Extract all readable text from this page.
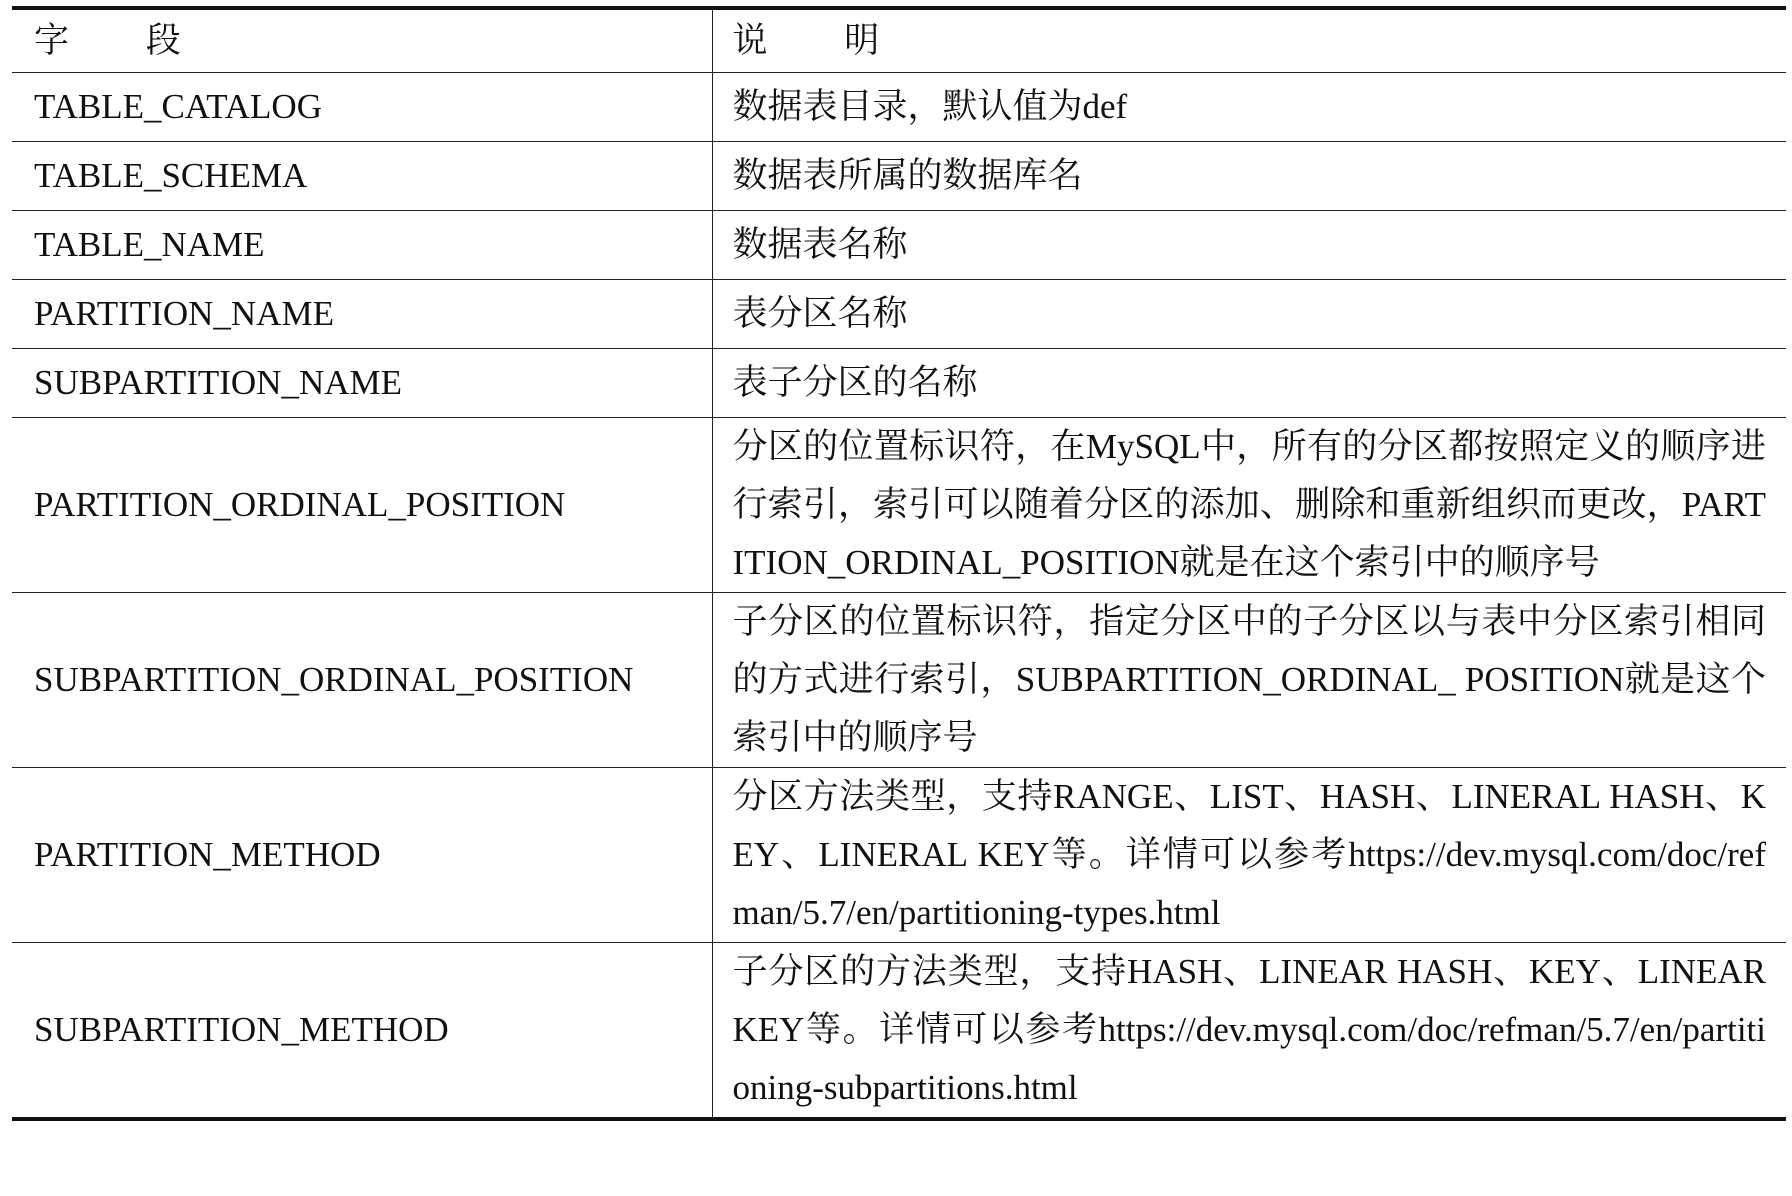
字 段	说 明
TABLE_CATALOG	数据表目录，默认值为def
TABLE_SCHEMA	数据表所属的数据库名
TABLE_NAME	数据表名称
PARTITION_NAME	表分区名称
SUBPARTITION_NAME	表子分区的名称
PARTITION_ORDINAL_POSITION	分区的位置标识符，在MySQL中，所有的分区都按照定义的顺序进行索引，索引可以随着分区的添加、删除和重新组织而更改，PARTITION_ORDINAL_POSITION就是在这个索引中的顺序号
SUBPARTITION_ORDINAL_POSITION	子分区的位置标识符，指定分区中的子分区以与表中分区索引相同的方式进行索引，SUBPARTITION_ORDINAL_ POSITION就是这个索引中的顺序号
PARTITION_METHOD	分区方法类型，支持RANGE、LIST、HASH、LINERAL HASH、KEY、LINERAL KEY等。详情可以参考https://dev.mysql.com/doc/refman/5.7/en/partitioning-types.html
SUBPARTITION_METHOD	子分区的方法类型，支持HASH、LINEAR HASH、KEY、LINEAR KEY等。详情可以参考https://dev.mysql.com/doc/refman/5.7/en/partitioning-subpartitions.html
